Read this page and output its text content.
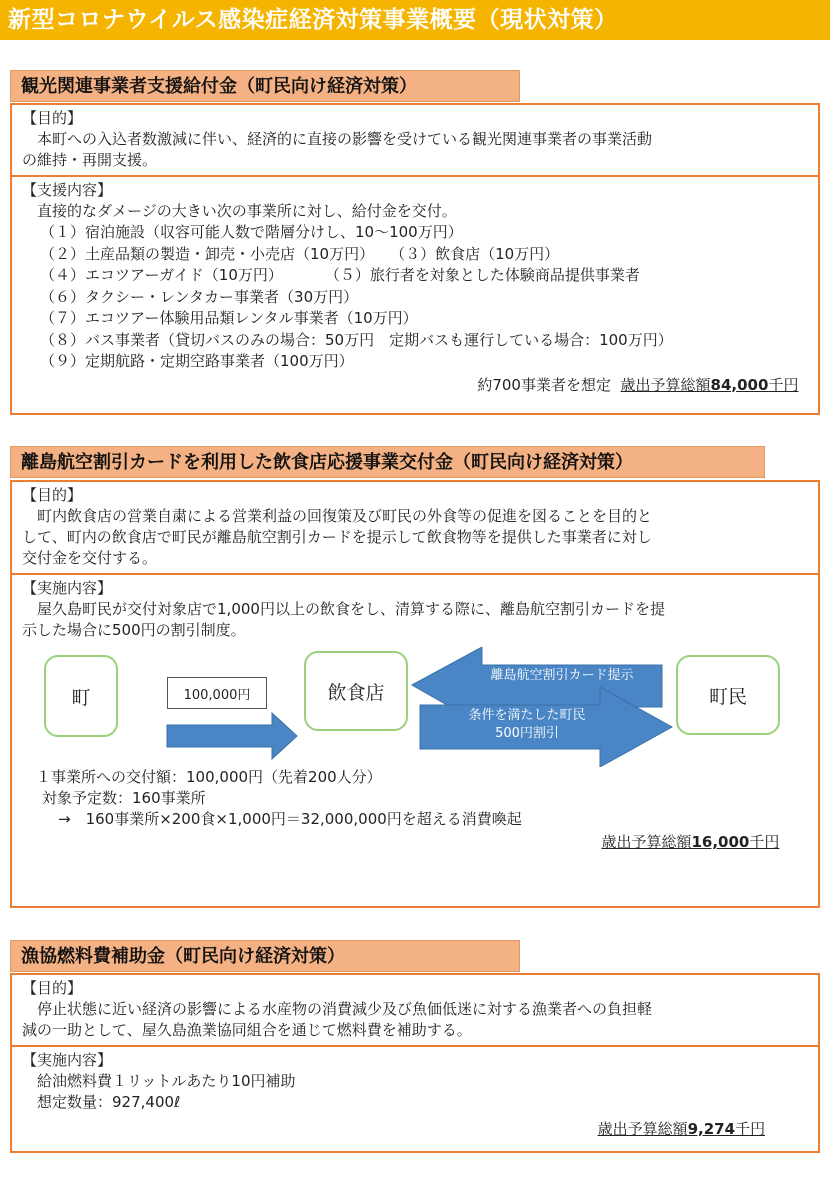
新型コロナウイルス感染症経済対策事業概要（現状対策）
観光関連事業者支援給付金（町民向け経済対策）
【目的】
本町への入込者数激減に伴い、経済的に直接の影響を受けている観光関連事業者の事業活動
の維持・再開支援。
【支援内容】
直接的なダメージの大きい次の事業所に対し、給付金を交付。
（１）宿泊施設（収容可能人数で階層分けし、10～100万円）
（２）土産品類の製造・卸売・小売店（10万円） （３）飲食店（10万円）
（４）エコツアーガイド（10万円）	（５）旅行者を対象とした体験商品提供事業者
（６）タクシー・レンタカー事業者（30万円）
（７）エコツアー体験用品類レンタル事業者（10万円）
（８）バス事業者（貸切バスのみの場合：50万円　定期バスも運行している場合：100万円）
（９）定期航路・定期空路事業者（100万円）
約700事業者を想定 歳出予算総額84,000千円
離島航空割引カードを利用した飲食店応援事業交付金（町民向け経済対策）
【目的】
町内飲食店の営業自粛による営業利益の回復策及び町民の外食等の促進を図ることを目的と
して、町内の飲食店で町民が離島航空割引カードを提示して飲食物等を提供した事業者に対し
交付金を交付する。
【実施内容】
屋久島町民が交付対象店で1,000円以上の飲食をし、清算する際に、離島航空割引カードを提
示した場合に500円の割引制度。
町	100,000円	飲食店	町民
1,000円以上飲食＆
離島航空割引カード提示
条件を満たした町民
500円割引
１事業所への交付額：100,000円（先着200人分）
対象予定数：160事業所
→　160事業所×200食×1,000円＝32,000,000円を超える消費喚起
歳出予算総額16,000千円
漁協燃料費補助金（町民向け経済対策）
【目的】
停止状態に近い経済の影響による水産物の消費減少及び魚価低迷に対する漁業者への負担軽
減の一助として、屋久島漁業協同組合を通じて燃料費を補助する。
【実施内容】
給油燃料費１リットルあたり10円補助
想定数量：927,400ℓ
歳出予算総額9,274千円
